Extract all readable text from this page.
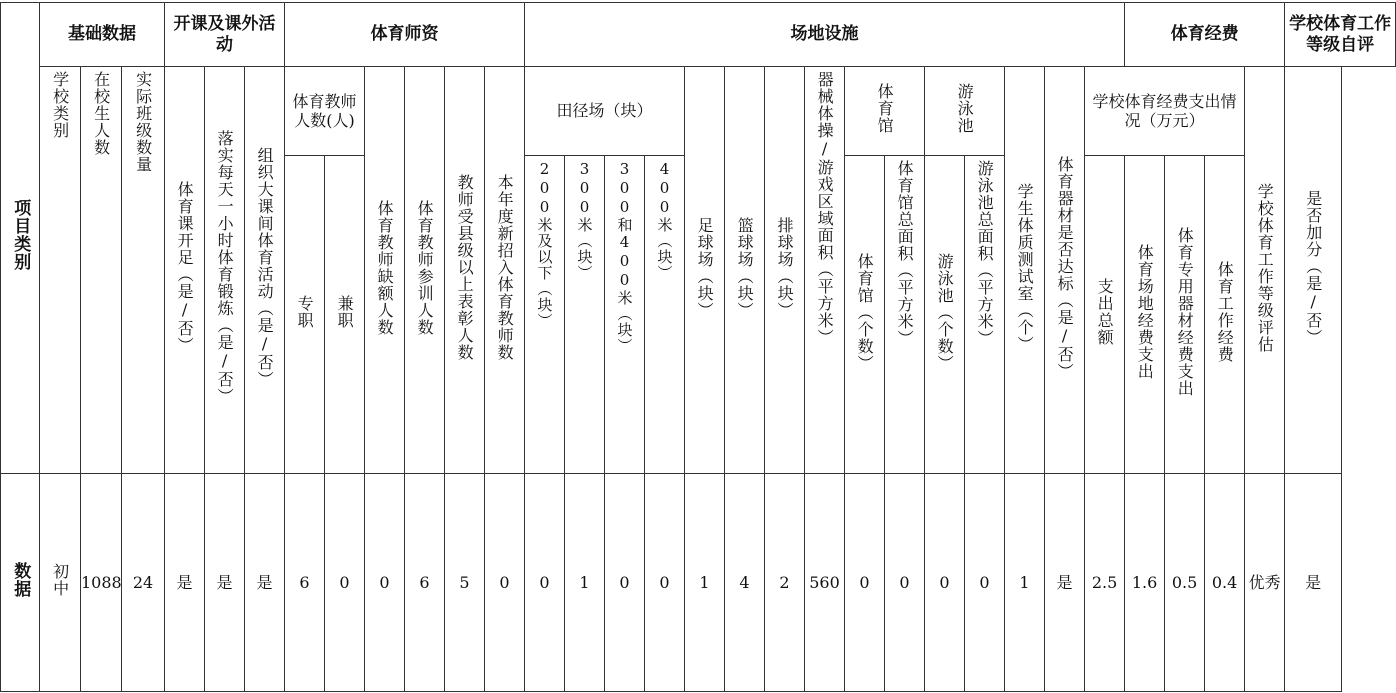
项目类别	基础数据			开课及课外活动			体育师资						场地设施															体育经费				学校体育工作等级自评

	学校类别	在校生人数	实际班级数量	体育课开足（是/否）	落实每天一小时体育锻炼（是/否）	组织大课间体育活动（是/否）	体育教师人数(人)		体育教师缺额人数	体育教师参训人数	教师受县级以上表彰人数	本年度新招入体育教师数	田径场（块）				足球场（块）	篮球场（块）	排球场（块）	器械体操/游戏区域面积（平方米）	体育馆		游泳池		学生体质测试室（个）	体育器材是否达标（是/否）	学校体育经费支出情况（万元）				学校体育工作等级评估	是否加分（是/否）

							专职	兼职					200米及以下（块）	300米（块）	300和400米（块）	400米（块）					体育馆（个数）	体育馆总面积（平方米）	游泳池（个数）	游泳池总面积（平方米）			支出总额	体育场地经费支出	体育专用器材经费支出	体育工作经费		
数据	初中	1088	24	是	是	是	6	0	0	6	5	0	0	1	0	0	1	4	2	560	0	0	0	0	1	是	2.5	1.6	0.5	0.4	优秀	是
